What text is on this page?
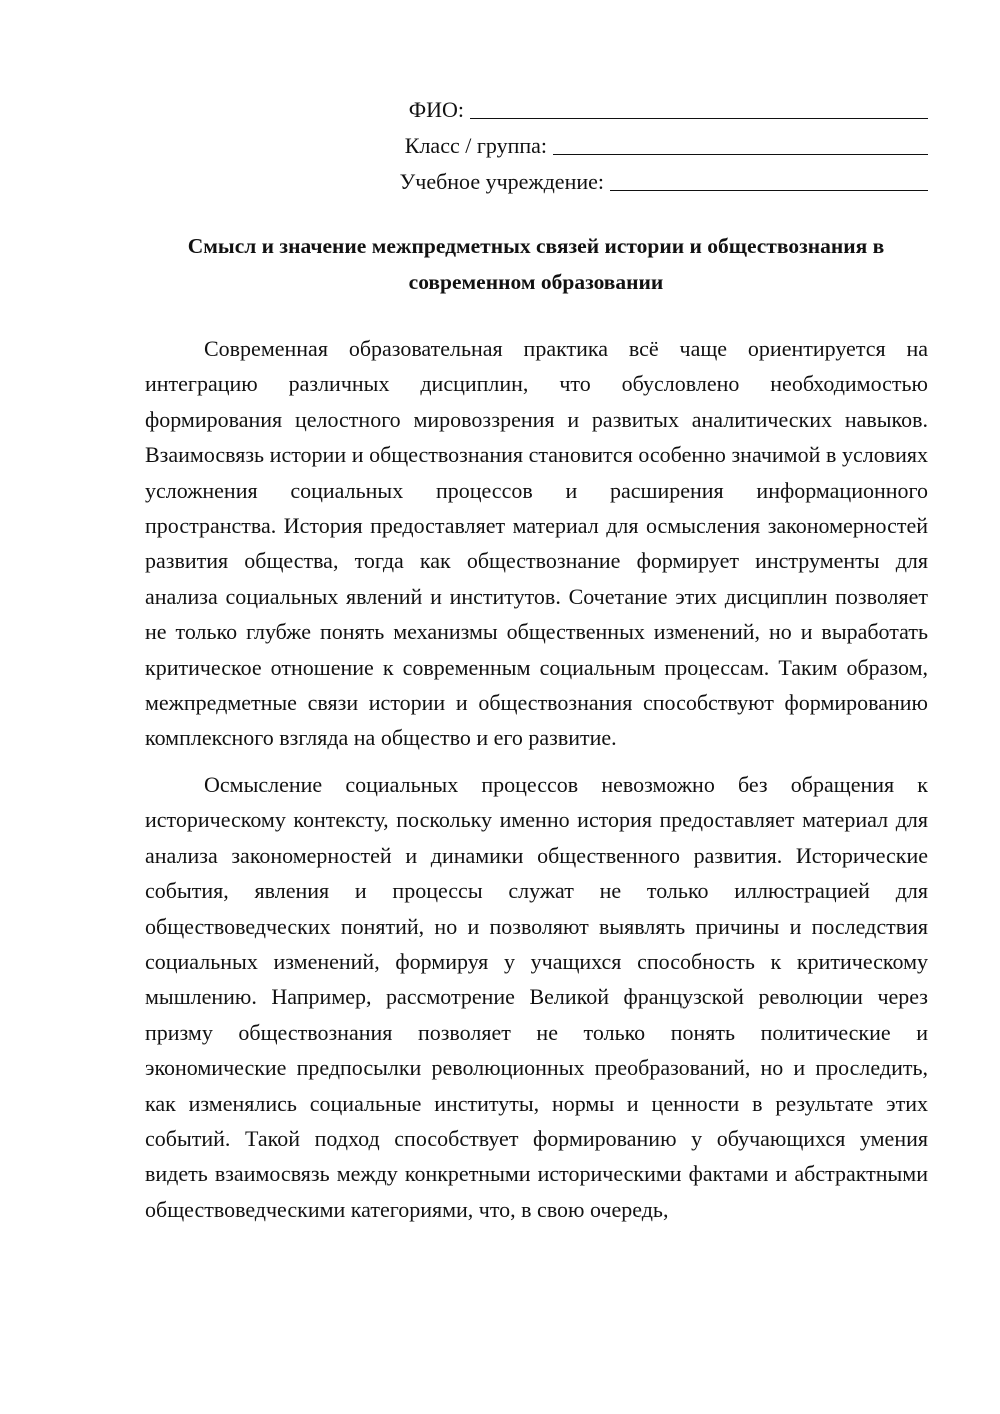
ФИО:
Класс / группа:
Учебное учреждение:
Смысл и значение межпредметных связей истории и обществознания в
современном образовании

Современная образовательная практика всё чаще ориентируется на интеграцию различных дисциплин, что обусловлено необходимостью формирования целостного мировоззрения и развитых аналитических навыков. Взаимосвязь истории и обществознания становится особенно значимой в условиях усложнения социальных процессов и расширения информационного пространства. История предоставляет материал для осмысления закономерностей развития общества, тогда как обществознание формирует инструменты для анализа социальных явлений и институтов. Сочетание этих дисциплин позволяет не только глубже понять механизмы общественных изменений, но и выработать критическое отношение к современным социальным процессам. Таким образом, межпредметные связи истории и обществознания способствуют формированию комплексного взгляда на общество и его развитие.

Осмысление социальных процессов невозможно без обращения к историческому контексту, поскольку именно история предоставляет материал для анализа закономерностей и динамики общественного развития. Исторические события, явления и процессы служат не только иллюстрацией для обществоведческих понятий, но и позволяют выявлять причины и последствия социальных изменений, формируя у учащихся способность к критическому мышлению. Например, рассмотрение Великой французской революции через призму обществознания позволяет не только понять политические и экономические предпосылки революционных преобразований, но и проследить, как изменялись социальные институты, нормы и ценности в результате этих событий. Такой подход способствует формированию у обучающихся умения видеть взаимосвязь между конкретными историческими фактами и абстрактными обществоведческими категориями, что, в свою очередь,
